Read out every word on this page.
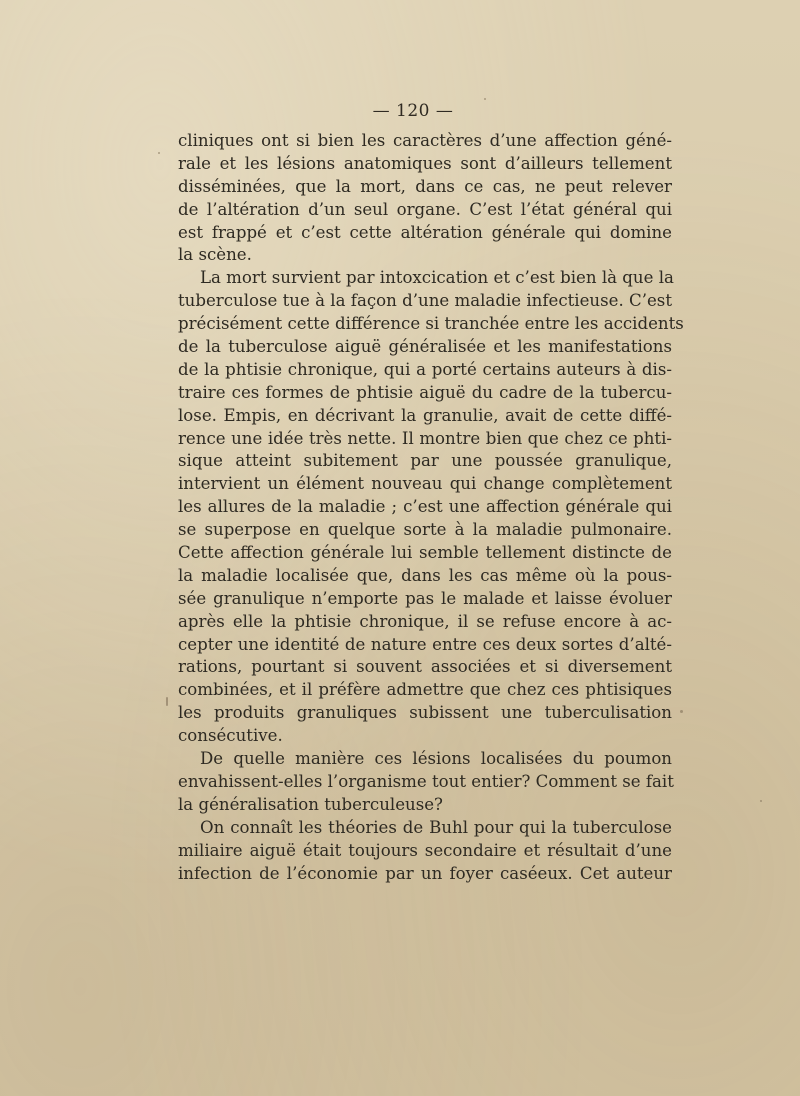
— 120 —
cliniques ont si bien les caractères d’une affection géné-
rale et les lésions anatomiques sont d’ailleurs tellement
disséminées, que la mort, dans ce cas, ne peut relever
de l’altération d’un seul organe. C’est l’état général qui
est frappé et c’est cette altération générale qui domine
la scène.
La mort survient par intoxcication et c’est bien là que la
tuberculose tue à la façon d’une maladie infectieuse. C’est
précisément cette différence si tranchée entre les accidents
de la tuberculose aiguë généralisée et les manifestations
de la phtisie chronique, qui a porté certains auteurs à dis-
traire ces formes de phtisie aiguë du cadre de la tubercu-
lose. Empis, en décrivant la granulie, avait de cette diffé-
rence une idée très nette. Il montre bien que chez ce phti-
sique atteint subitement par une poussée granulique,
intervient un élément nouveau qui change complètement
les allures de la maladie ; c’est une affection générale qui
se superpose en quelque sorte à la maladie pulmonaire.
Cette affection générale lui semble tellement distincte de
la maladie localisée que, dans les cas même où la pous-
sée granulique n’emporte pas le malade et laisse évoluer
après elle la phtisie chronique, il se refuse encore à ac-
cepter une identité de nature entre ces deux sortes d’alté-
rations, pourtant si souvent associées et si diversement
combinées, et il préfère admettre que chez ces phtisiques
les produits granuliques subissent une tuberculisation
consécutive.
De quelle manière ces lésions localisées du poumon
envahissent-elles l’organisme tout entier? Comment se fait
la généralisation tuberculeuse?
On connaît les théories de Buhl pour qui la tuberculose
miliaire aiguë était toujours secondaire et résultait d’une
infection de l’économie par un foyer caséeux. Cet auteur
